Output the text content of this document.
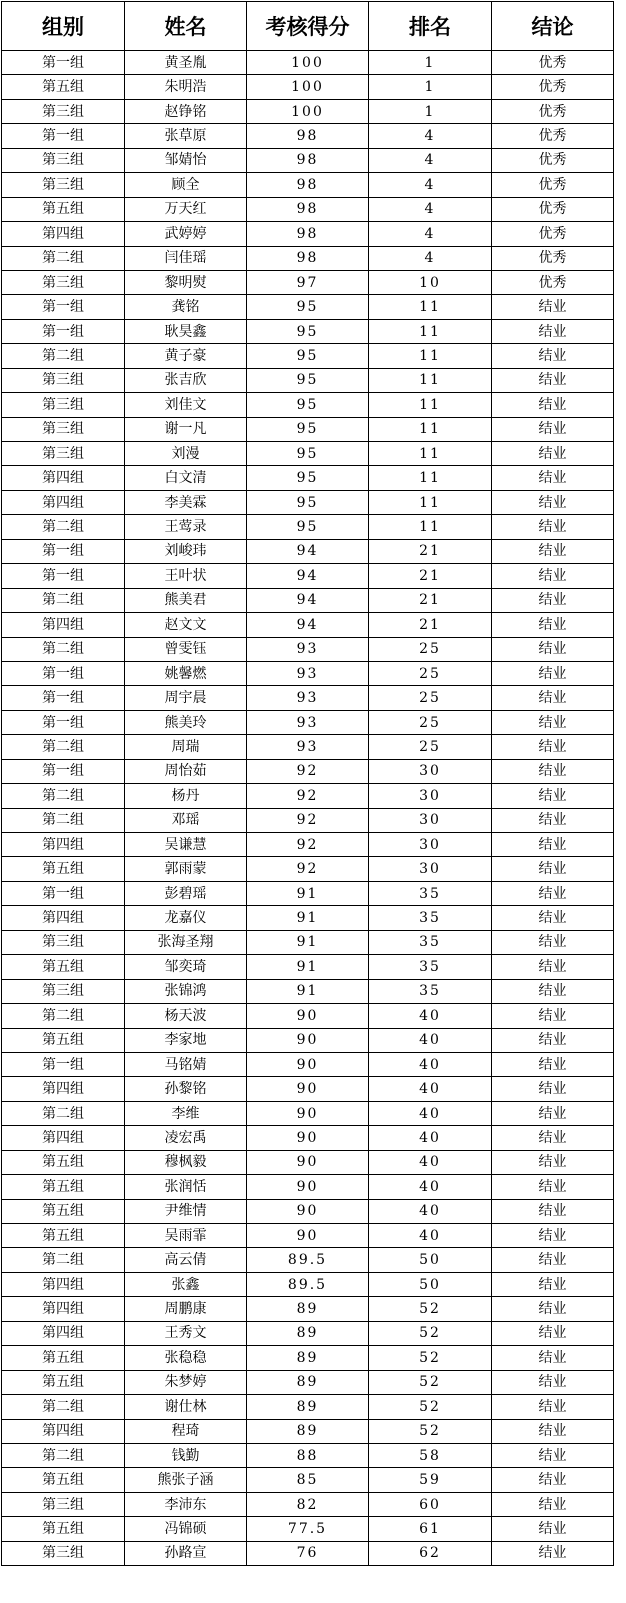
组别	姓名	考核得分	排名	结论
第一组	黄圣胤	100	1	优秀
第五组	朱明浩	100	1	优秀
第三组	赵铮铭	100	1	优秀
第一组	张草原	98	4	优秀
第三组	邹婧怡	98	4	优秀
第三组	顾全	98	4	优秀
第五组	万天红	98	4	优秀
第四组	武婷婷	98	4	优秀
第二组	闫佳瑶	98	4	优秀
第三组	黎明熨	97	10	优秀
第一组	龚铭	95	11	结业
第一组	耿昊鑫	95	11	结业
第二组	黄子豪	95	11	结业
第三组	张吉欣	95	11	结业
第三组	刘佳文	95	11	结业
第三组	谢一凡	95	11	结业
第三组	刘漫	95	11	结业
第四组	白文清	95	11	结业
第四组	李美霖	95	11	结业
第二组	王莺录	95	11	结业
第一组	刘峻玮	94	21	结业
第一组	王叶状	94	21	结业
第二组	熊美君	94	21	结业
第四组	赵文文	94	21	结业
第二组	曾雯钰	93	25	结业
第一组	姚馨燃	93	25	结业
第一组	周宇晨	93	25	结业
第一组	熊美玲	93	25	结业
第二组	周瑞	93	25	结业
第一组	周怡茹	92	30	结业
第二组	杨丹	92	30	结业
第二组	邓瑶	92	30	结业
第四组	吴谦慧	92	30	结业
第五组	郭雨蒙	92	30	结业
第一组	彭碧瑶	91	35	结业
第四组	龙嘉仪	91	35	结业
第三组	张海圣翔	91	35	结业
第五组	邹奕琦	91	35	结业
第三组	张锦鸿	91	35	结业
第二组	杨天波	90	40	结业
第五组	李家地	90	40	结业
第一组	马铭婧	90	40	结业
第四组	孙黎铭	90	40	结业
第二组	李维	90	40	结业
第四组	凌宏禹	90	40	结业
第五组	穆枫毅	90	40	结业
第五组	张润恬	90	40	结业
第五组	尹维情	90	40	结业
第五组	吴雨霏	90	40	结业
第二组	高云倩	89.5	50	结业
第四组	张鑫	89.5	50	结业
第四组	周鹏康	89	52	结业
第四组	王秀文	89	52	结业
第五组	张稳稳	89	52	结业
第五组	朱梦婷	89	52	结业
第二组	谢仕林	89	52	结业
第四组	程琦	89	52	结业
第二组	钱勤	88	58	结业
第五组	熊张子涵	85	59	结业
第三组	李沛东	82	60	结业
第五组	冯锦硕	77.5	61	结业
第三组	孙路宣	76	62	结业
